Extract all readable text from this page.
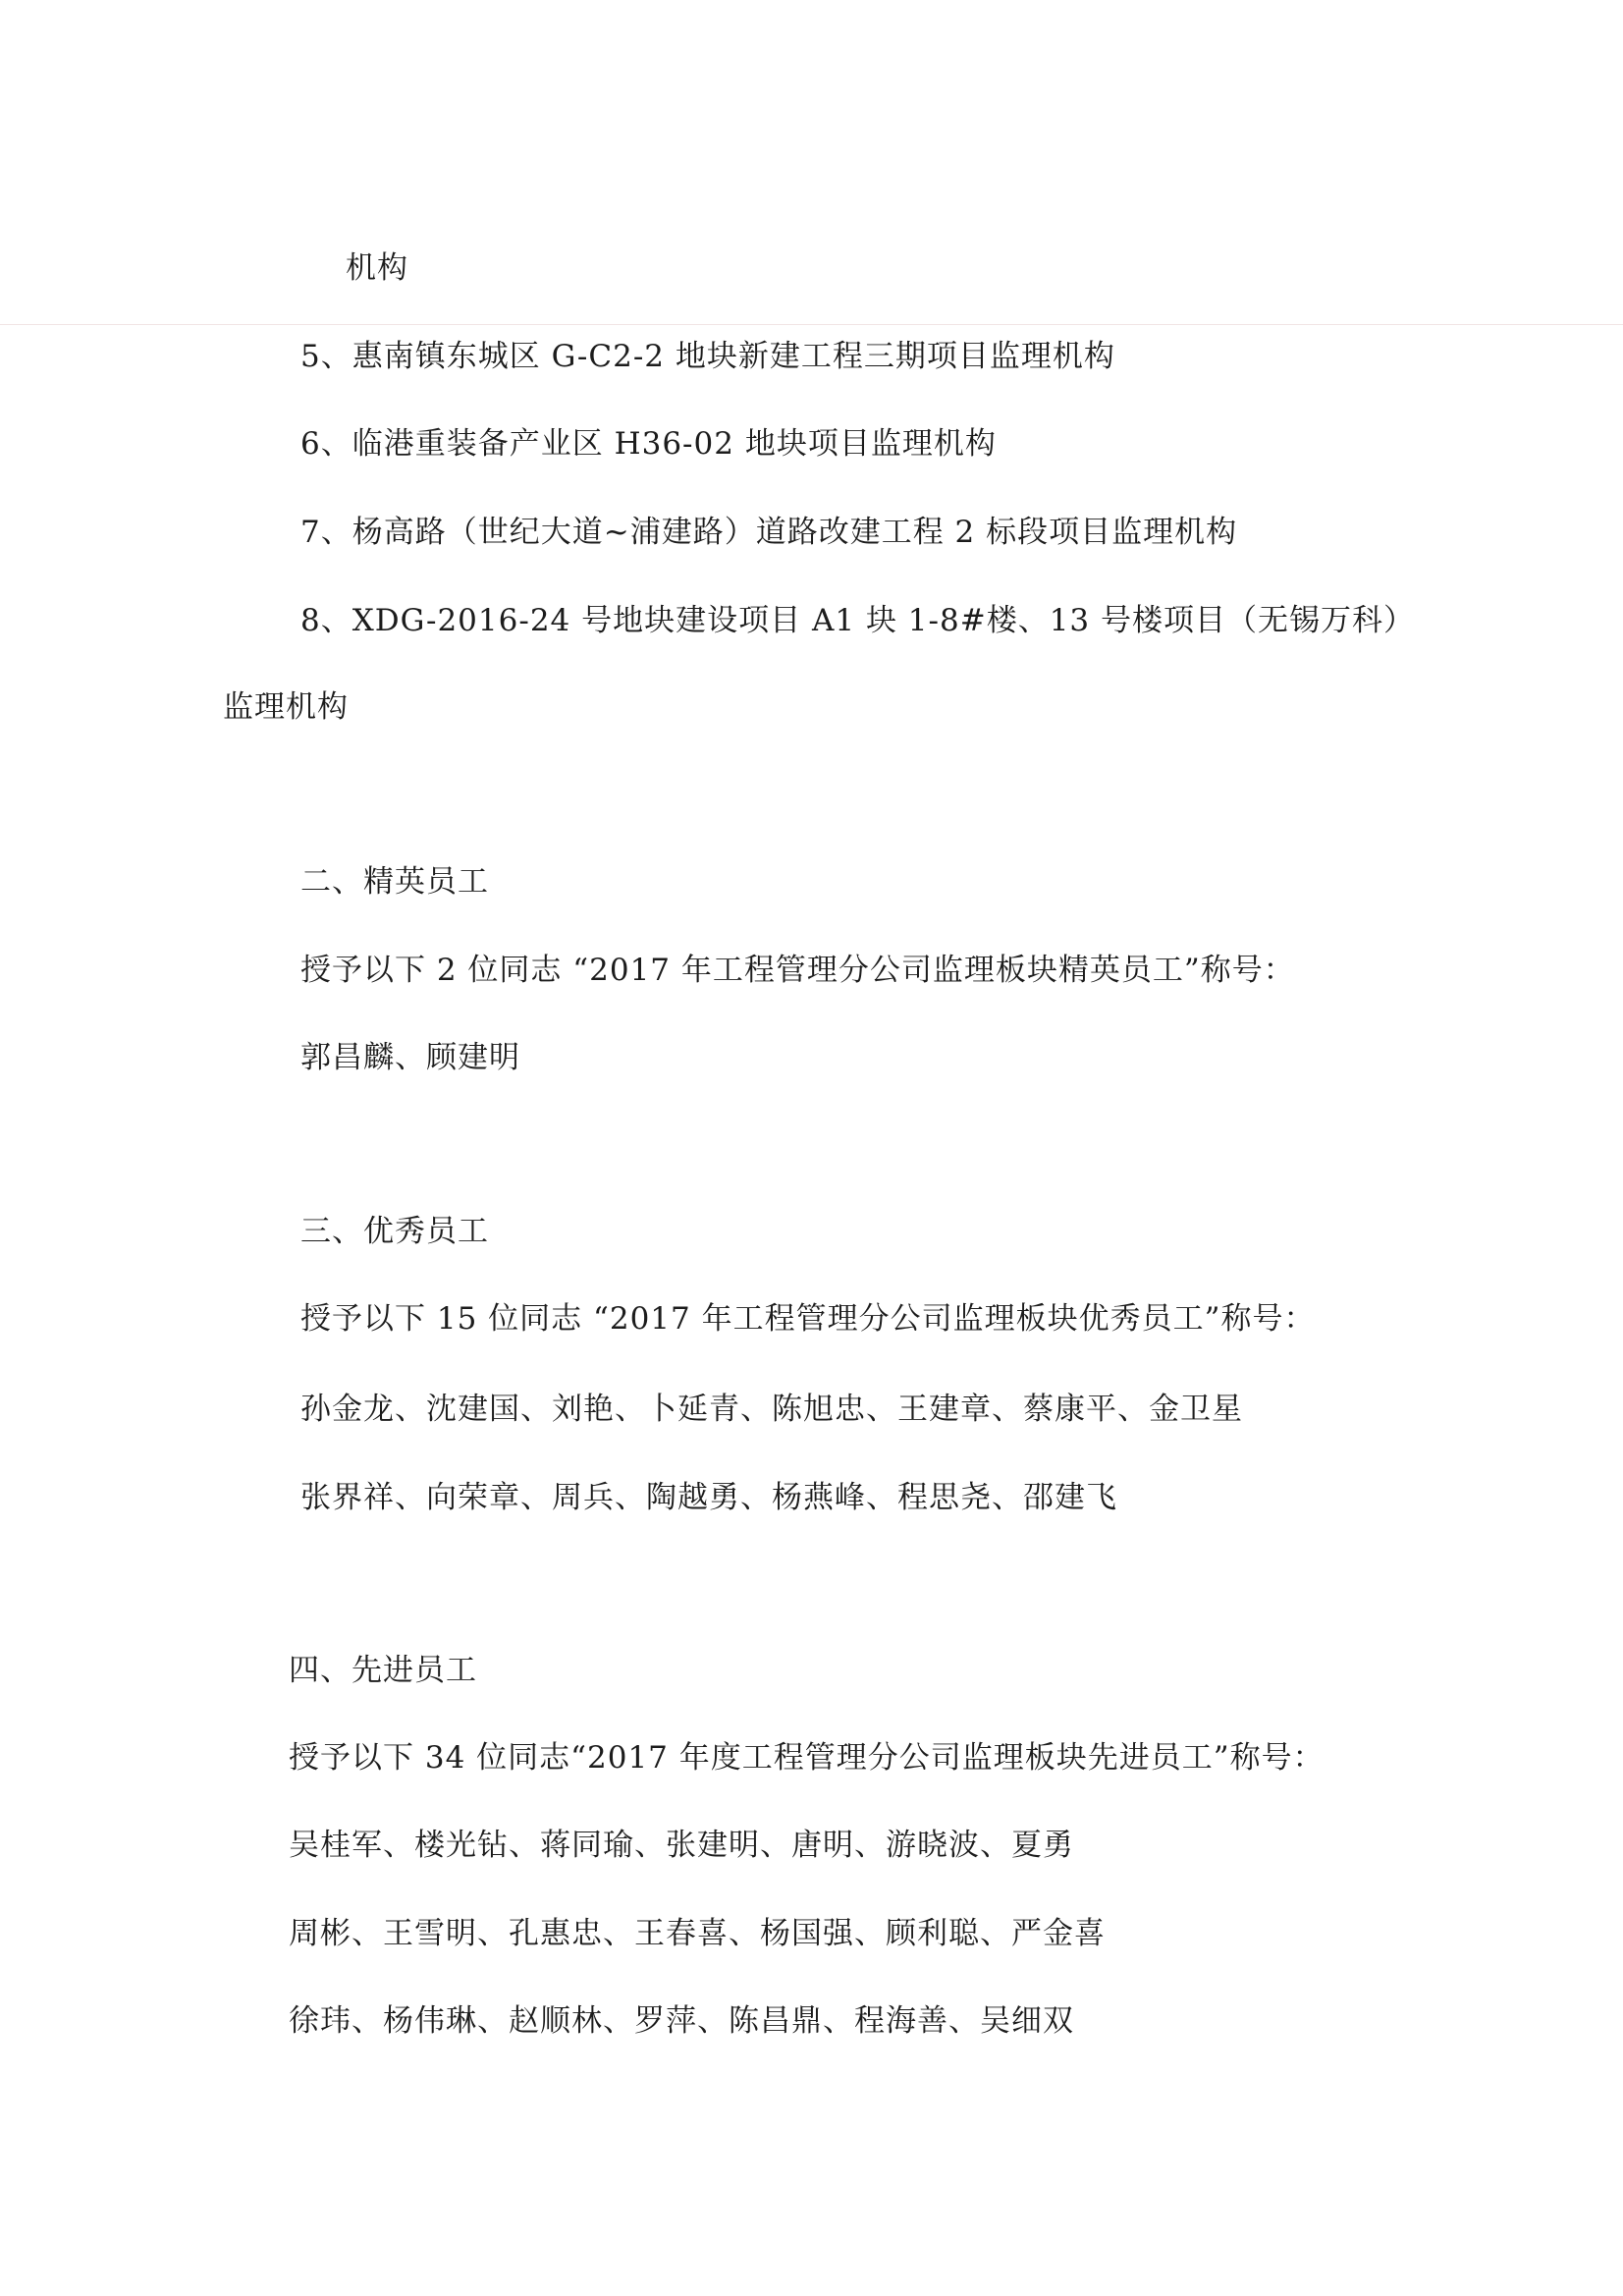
机构
5、惠南镇东城区 G-C2-2 地块新建工程三期项目监理机构
6、临港重装备产业区 H36-02 地块项目监理机构
7、杨高路（世纪大道~浦建路）道路改建工程 2 标段项目监理机构
8、XDG-2016-24 号地块建设项目 A1 块 1-8#楼、13 号楼项目（无锡万科）
监理机构
二、精英员工
授予以下 2 位同志 “2017 年工程管理分公司监理板块精英员工”称号：
郭昌麟、顾建明
三、优秀员工
授予以下 15 位同志 “2017 年工程管理分公司监理板块优秀员工”称号：
孙金龙、沈建国、刘艳、卜延青、陈旭忠、王建章、蔡康平、金卫星
张界祥、向荣章、周兵、陶越勇、杨燕峰、程思尧、邵建飞
四、先进员工
授予以下 34 位同志“2017 年度工程管理分公司监理板块先进员工”称号：
吴桂军、楼光钻、蒋同瑜、张建明、唐明、游晓波、夏勇
周彬、王雪明、孔惠忠、王春喜、杨国强、顾利聪、严金喜
徐玮、杨伟琳、赵顺林、罗萍、陈昌鼎、程海善、吴细双
